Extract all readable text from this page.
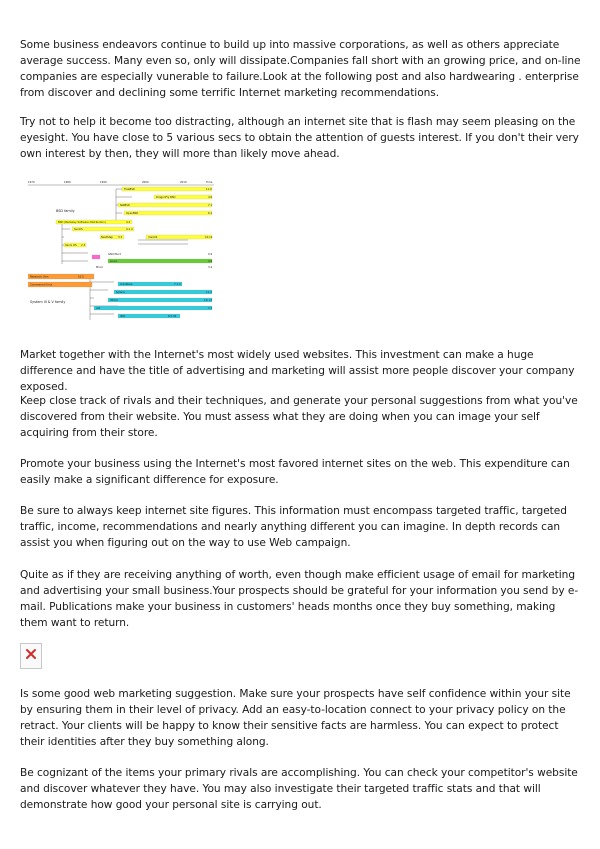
Some business endeavors continue to build up into massive corporations, as well as others appreciate average success. Many even so, only will dissipate.Companies fall short with an growing price, and on-line companies are especially vunerable to failure.Look at the following post and also hardwearing . enterprise from discover and declining some terrific Internet marketing recommendations.

Try not to help it become too distracting, although an internet site that is flash may seem pleasing on the eyesight. You have close to 5 various secs to obtain the attention of guests interest. If you don't their very own interest by then, they will more than likely move ahead.

1970	1980	1990	2000	2010	Time
BSD family
System III & V family
FreeBSD	11.0
DragonFly BSD	4.6
NetBSD	7.1
OpenBSD	6.1
BSD (Berkeley Software Distribution)	4.4
SunOS	4.1.4
NextStep 3.3	macOS	10.12
Xenix OS 2.3
GNU/Hurd	0.9
Linux	4.9
Minix	3.4
Research Unix	10.5
Commercial Unix	UnixWare	7.1.4
Solaris	11.3
HP-UX	11i v3
AIX	7.2
IRIX	6.5.30

Market together with the Internet's most widely used websites. This investment can make a huge difference and have the title of advertising and marketing will assist more people discover your company exposed.

Keep close track of rivals and their techniques, and generate your personal suggestions from what you've discovered from their website. You must assess what they are doing when you can image your self acquiring from their store.

Promote your business using the Internet's most favored internet sites on the web. This expenditure can easily make a significant difference for exposure.

Be sure to always keep internet site figures. This information must encompass targeted traffic, targeted traffic, income, recommendations and nearly anything different you can imagine. In depth records can assist you when figuring out on the way to use Web campaign.

Quite as if they are receiving anything of worth, even though make efficient usage of email for marketing and advertising your small business.Your prospects should be grateful for your information you send by e-mail. Publications make your business in customers' heads months once they buy something, making them want to return.

Is some good web marketing suggestion. Make sure your prospects have self confidence within your site by ensuring them in their level of privacy. Add an easy-to-location connect to your privacy policy on the retract. Your clients will be happy to know their sensitive facts are harmless. You can expect to protect their identities after they buy something along.

Be cognizant of the items your primary rivals are accomplishing. You can check your competitor's website and discover whatever they have. You may also investigate their targeted traffic stats and that will demonstrate how good your personal site is carrying out.
